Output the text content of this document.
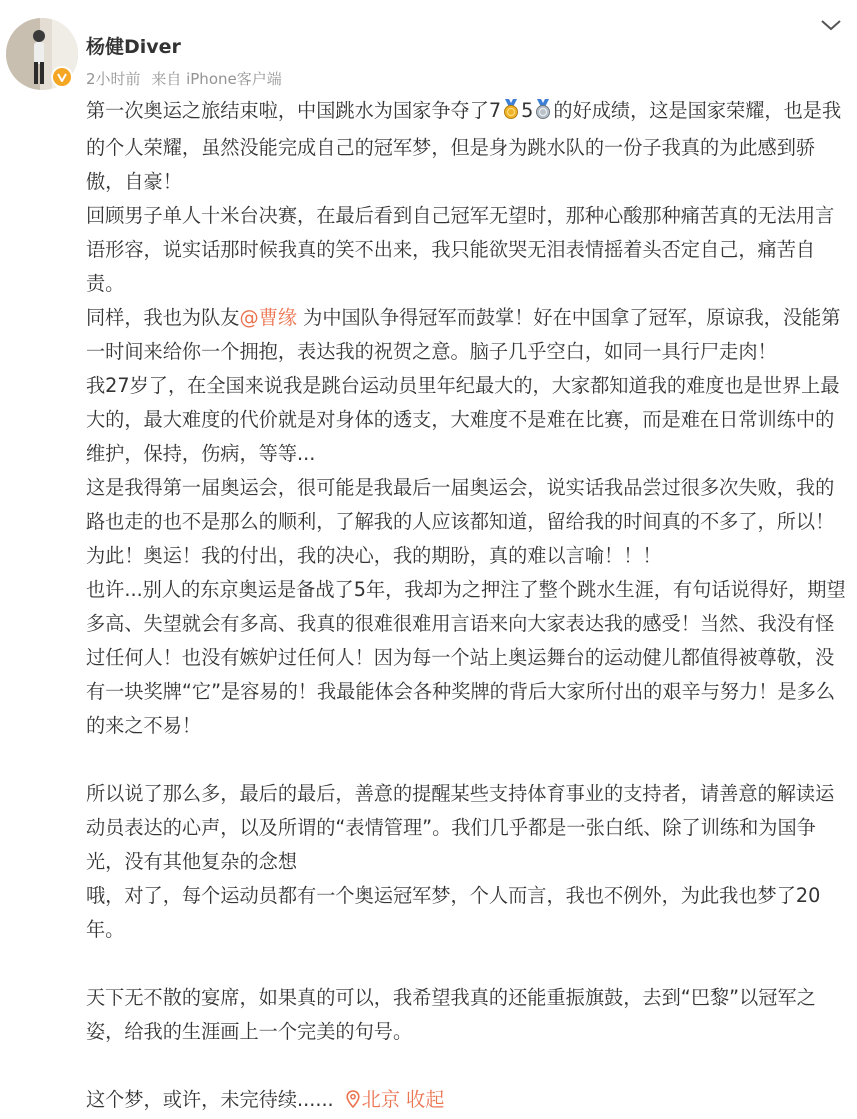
杨健Diver
2小时前 来自 iPhone客户端

第一次奥运之旅结束啦，中国跳水为国家争夺了7 5 的好成绩，这是国家荣耀，也是我的个人荣耀，虽然没能完成自己的冠军梦，但是身为跳水队的一份子我真的为此感到骄傲，自豪！

回顾男子单人十米台决赛，在最后看到自己冠军无望时，那种心酸那种痛苦真的无法用言语形容，说实话那时候我真的笑不出来，我只能欲哭无泪表情摇着头否定自己，痛苦自责。

同样，我也为队友@曹缘 为中国队争得冠军而鼓掌！好在中国拿了冠军，原谅我，没能第一时间来给你一个拥抱，表达我的祝贺之意。脑子几乎空白，如同一具行尸走肉！

我27岁了，在全国来说我是跳台运动员里年纪最大的，大家都知道我的难度也是世界上最大的，最大难度的代价就是对身体的透支，大难度不是难在比赛，而是难在日常训练中的维护，保持，伤病，等等...

这是我得第一届奥运会，很可能是我最后一届奥运会，说实话我品尝过很多次失败，我的路也走的也不是那么的顺利，了解我的人应该都知道，留给我的时间真的不多了，所以！为此！奥运！我的付出，我的决心，我的期盼，真的难以言喻！！！

也许...别人的东京奥运是备战了5年，我却为之押注了整个跳水生涯，有句话说得好，期望多高、失望就会有多高、我真的很难很难用言语来向大家表达我的感受！当然、我没有怪过任何人！也没有嫉妒过任何人！因为每一个站上奥运舞台的运动健儿都值得被尊敬，没有一块奖牌“它”是容易的！我最能体会各种奖牌的背后大家所付出的艰辛与努力！是多么的来之不易！

所以说了那么多，最后的最后，善意的提醒某些支持体育事业的支持者，请善意的解读运动员表达的心声，以及所谓的“表情管理”。我们几乎都是一张白纸、除了训练和为国争光，没有其他复杂的念想

哦，对了，每个运动员都有一个奥运冠军梦，个人而言，我也不例外，为此我也梦了20年。

天下无不散的宴席，如果真的可以，我希望我真的还能重振旗鼓，去到“巴黎”以冠军之姿，给我的生涯画上一个完美的句号。

这个梦，或许，未完待续...... 北京 收起
